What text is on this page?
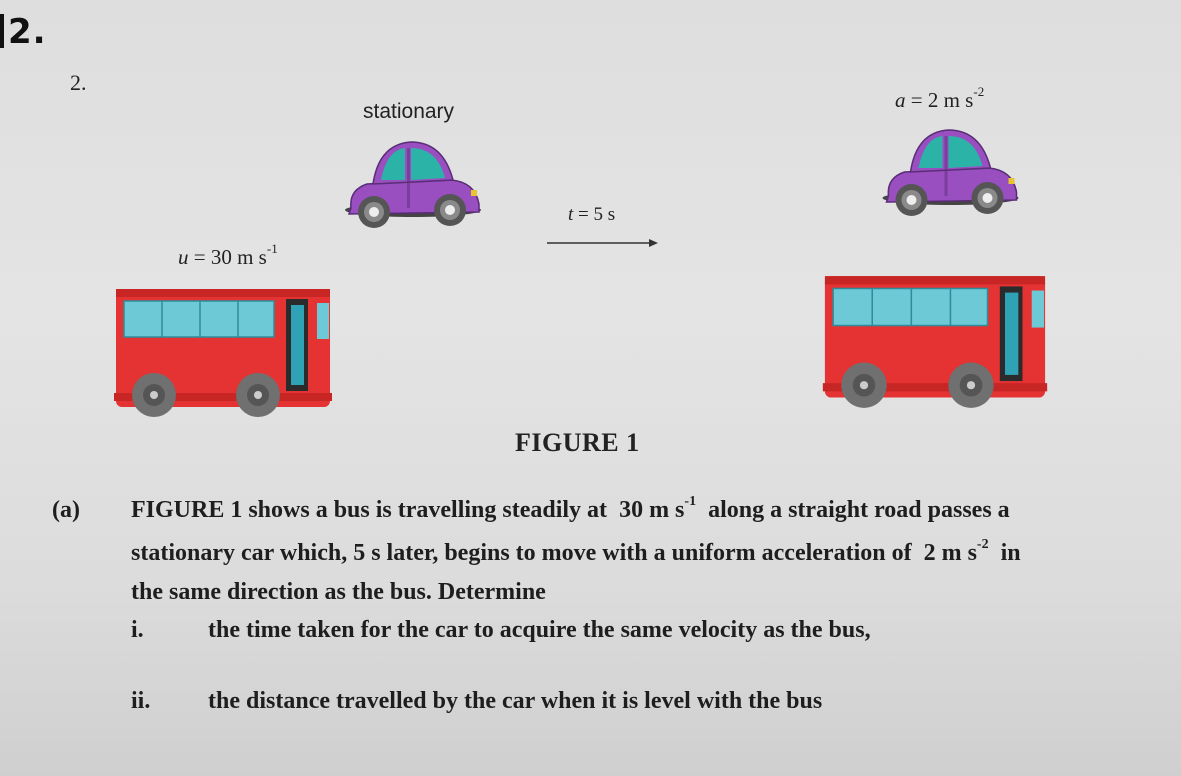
2.
2.
stationary	a = 2 m $s^{-2}$
u = 30 m $s^{-1}$
t = 5 s
FIGURE 1
(a) FIGURE 1 shows a bus is travelling steadily at 30 m $s^{-1}$ along a straight road passes a
stationary car which, 5 s later, begins to move with a uniform acceleration of 2 m $s^{-2}$ in
the same direction as the bus. Determine
i.	the time taken for the car to acquire the same velocity as the bus,
ii. the distance travelled by the car when it is level with the bus
